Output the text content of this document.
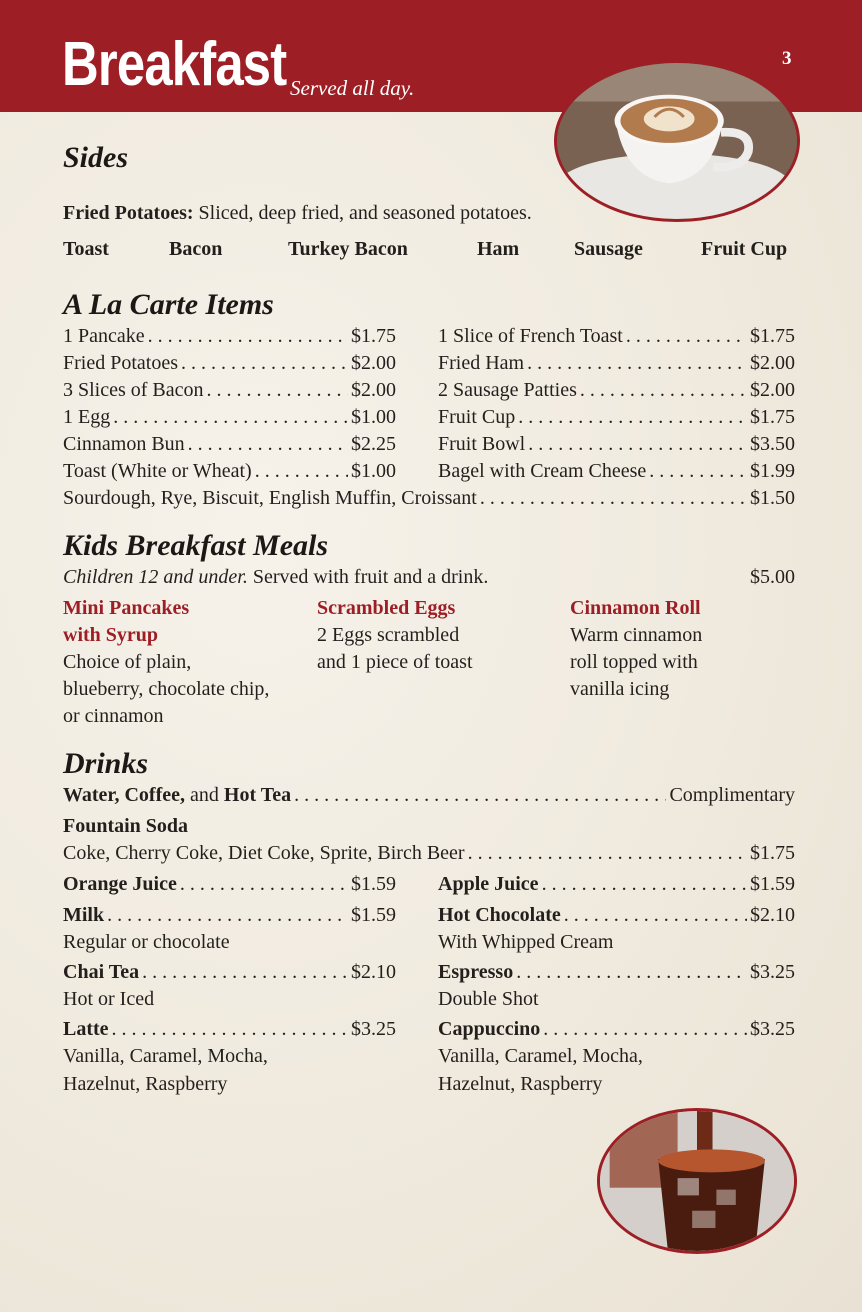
Breakfast Served all day.
3
Sides
Fried Potatoes: Sliced, deep fried, and seasoned potatoes.
Toast	Bacon	Turkey Bacon	Ham	Sausage	Fruit Cup
A La Carte Items
1 Pancake . . .	$1.75
Fried Potatoes . . .	$2.00
3 Slices of Bacon . . .	$2.00
1 Egg . . .	$1.00
Cinnamon Bun . . .	$2.25
Toast (White or Wheat) . . .	$1.00
1 Slice of French Toast . . .	$1.75
Fried Ham . . .	$2.00
2 Sausage Patties . . .	$2.00
Fruit Cup . . .	$1.75
Fruit Bowl . . .	$3.50
Bagel with Cream Cheese . . .	$1.99
Sourdough, Rye, Biscuit, English Muffin, Croissant . . .	$1.50
Kids Breakfast Meals
Children 12 and under. Served with fruit and a drink.	$5.00
Mini Pancakes
with Syrup
Choice of plain,
blueberry, chocolate chip,
or cinnamon
Scrambled Eggs
2 Eggs scrambled
and 1 piece of toast
Cinnamon Roll
Warm cinnamon
roll topped with
vanilla icing
Drinks
Water, Coffee, and Hot Tea . . .	Complimentary
Fountain Soda
Coke, Cherry Coke, Diet Coke, Sprite, Birch Beer . . .	$1.75
Orange Juice . . .	$1.59
Milk . . .	$1.59
Regular or chocolate
Chai Tea . . .	$2.10
Hot or Iced
Latte . . .	$3.25
Vanilla, Caramel, Mocha,
Hazelnut, Raspberry
Apple Juice . . .	$1.59
Hot Chocolate . . .	$2.10
With Whipped Cream
Espresso . . .	$3.25
Double Shot
Cappuccino . . .	$3.25
Vanilla, Caramel, Mocha,
Hazelnut, Raspberry
